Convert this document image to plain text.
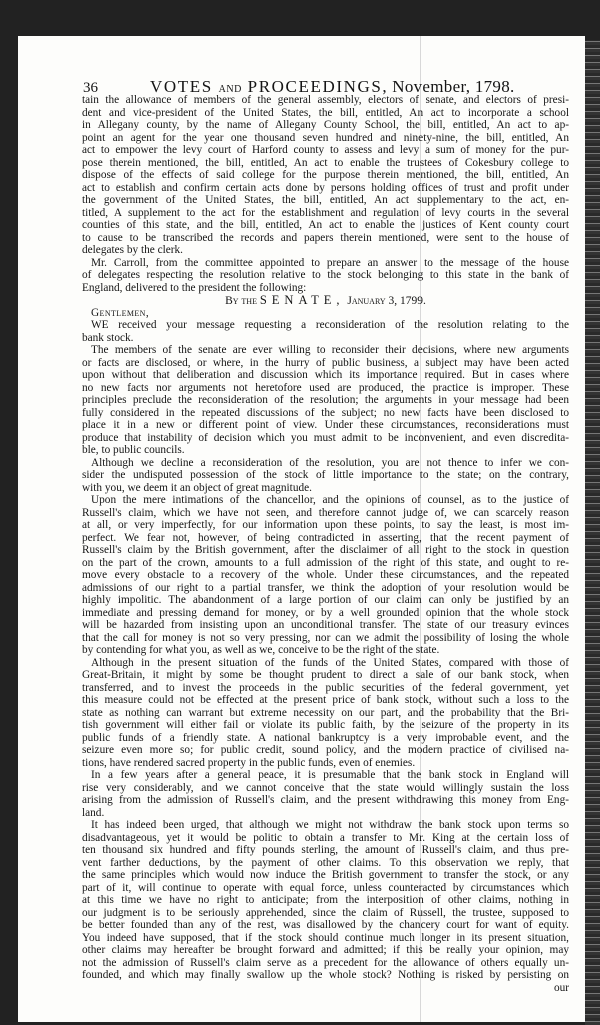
36	VOTES AND PROCEEDINGS, November, 1798.
tain the allowance of members of the general assembly, electors of senate, and electors of presi-
dent and vice-president of the United States, the bill, entitled, An act to incorporate a school
in Allegany county, by the name of Allegany County School, the bill, entitled, An act to ap-
point an agent for the year one thousand seven hundred and ninety-nine, the bill, entitled, An
act to empower the levy court of Harford county to assess and levy a sum of money for the pur-
pose therein mentioned, the bill, entitled, An act to enable the trustees of Cokesbury college to
dispose of the effects of said college for the purpose therein mentioned, the bill, entitled, An
act to establish and confirm certain acts done by persons holding offices of trust and profit under
the government of the United States, the bill, entitled, An act supplementary to the act, en-
titled, A supplement to the act for the establishment and regulation of levy courts in the several
counties of this state, and the bill, entitled, An act to enable the justices of Kent county court
to cause to be transcribed the records and papers therein mentioned, were sent to the house of
delegates by the clerk.
Mr. Carroll, from the committee appointed to prepare an answer to the message of the house
of delegates respecting the resolution relative to the stock belonging to this state in the bank of
England, delivered to the president the following:
By the SENATE, January 3, 1799.
Gentlemen,
WE received your message requesting a reconsideration of the resolution relating to the
bank stock.
The members of the senate are ever willing to reconsider their decisions, where new arguments
or facts are disclosed, or where, in the hurry of public business, a subject may have been acted
upon without that deliberation and discussion which its importance required. But in cases where
no new facts nor arguments not heretofore used are produced, the practice is improper. These
principles preclude the reconsideration of the resolution; the arguments in your message had been
fully considered in the repeated discussions of the subject; no new facts have been disclosed to
place it in a new or different point of view. Under these circumstances, reconsiderations must
produce that instability of decision which you must admit to be inconvenient, and even discredita-
ble, to public councils.
Although we decline a reconsideration of the resolution, you are not thence to infer we con-
sider the undisputed possession of the stock of little importance to the state; on the contrary,
with you, we deem it an object of great magnitude.
Upon the mere intimations of the chancellor, and the opinions of counsel, as to the justice of
Russell's claim, which we have not seen, and therefore cannot judge of, we can scarcely reason
at all, or very imperfectly, for our information upon these points, to say the least, is most im-
perfect. We fear not, however, of being contradicted in asserting, that the recent payment of
Russell's claim by the British government, after the disclaimer of all right to the stock in question
on the part of the crown, amounts to a full admission of the right of this state, and ought to re-
move every obstacle to a recovery of the whole. Under these circumstances, and the repeated
admissions of our right to a partial transfer, we think the adoption of your resolution would be
highly impolitic. The abandonment of a large portion of our claim can only be justified by an
immediate and pressing demand for money, or by a well grounded opinion that the whole stock
will be hazarded from insisting upon an unconditional transfer. The state of our treasury evinces
that the call for money is not so very pressing, nor can we admit the possibility of losing the whole
by contending for what you, as well as we, conceive to be the right of the state.
Although in the present situation of the funds of the United States, compared with those of
Great-Britain, it might by some be thought prudent to direct a sale of our bank stock, when
transferred, and to invest the proceeds in the public securities of the federal government, yet
this measure could not be effected at the present price of bank stock, without such a loss to the
state as nothing can warrant but extreme necessity on our part, and the probability that the Bri-
tish government will either fail or violate its public faith, by the seizure of the property in its
public funds of a friendly state. A national bankruptcy is a very improbable event, and the
seizure even more so; for public credit, sound policy, and the modern practice of civilised na-
tions, have rendered sacred property in the public funds, even of enemies.
In a few years after a general peace, it is presumable that the bank stock in England will
rise very considerably, and we cannot conceive that the state would willingly sustain the loss
arising from the admission of Russell's claim, and the present withdrawing this money from Eng-
land.
It has indeed been urged, that although we might not withdraw the bank stock upon terms so
disadvantageous, yet it would be politic to obtain a transfer to Mr. King at the certain loss of
ten thousand six hundred and fifty pounds sterling, the amount of Russell's claim, and thus pre-
vent farther deductions, by the payment of other claims. To this observation we reply, that
the same principles which would now induce the British government to transfer the stock, or any
part of it, will continue to operate with equal force, unless counteracted by circumstances which
at this time we have no right to anticipate; from the interposition of other claims, nothing in
our judgment is to be seriously apprehended, since the claim of Russell, the trustee, supposed to
be better founded than any of the rest, was disallowed by the chancery court for want of equity.
You indeed have supposed, that if the stock should continue much longer in its present situation,
other claims may hereafter be brought forward and admitted; if this be really your opinion, may
not the admission of Russell's claim serve as a precedent for the allowance of others equally un-
founded, and which may finally swallow up the whole stock? Nothing is risked by persisting on
our
